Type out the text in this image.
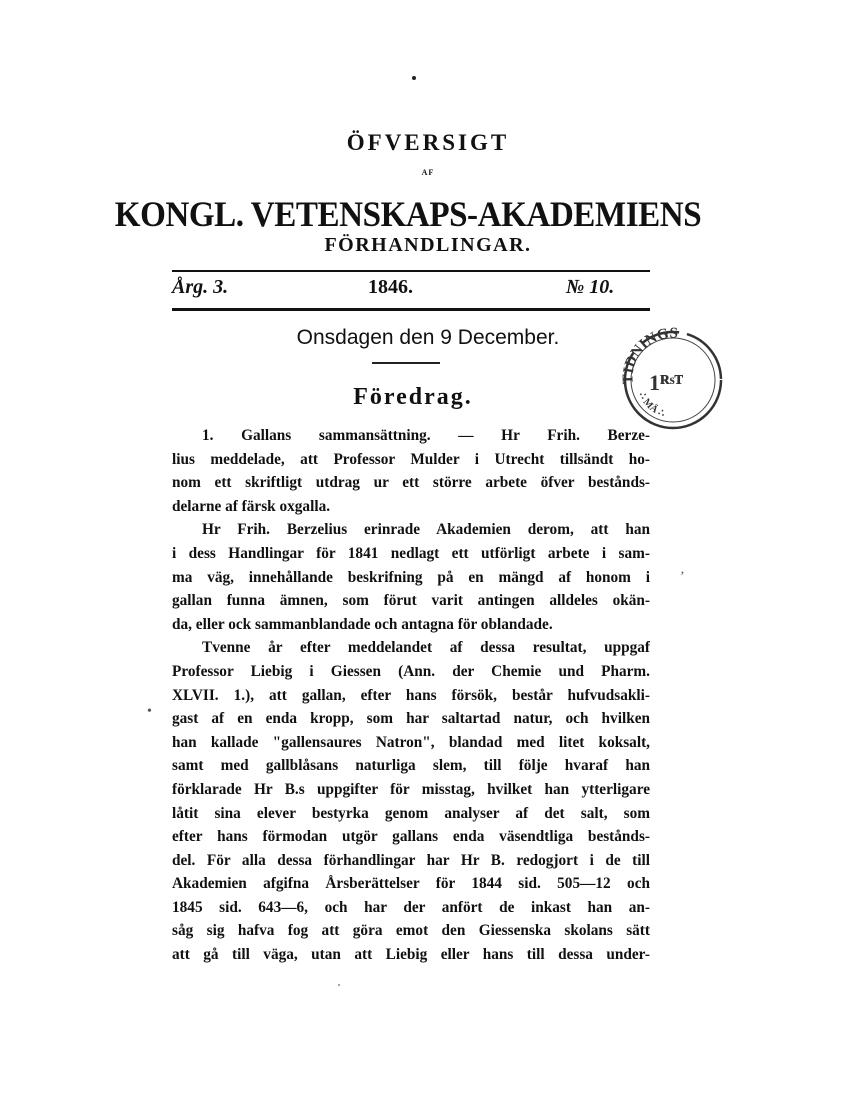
ÖFVERSIGT
AF
KONGL. VETENSKAPS-AKADEMIENS
FÖRHANDLINGAR.
Årg. 3.	1846.	№ 10.
Onsdagen den 9 December.
Föredrag.
TIDNINGS
1ᴿˢᵀ
∴ MÄ ∴
•
‚
1. Gallans sammansättning. — Hr Frih. Berze-
lius meddelade, att Professor Mulder i Utrecht tillsändt ho-
nom ett skriftligt utdrag ur ett större arbete öfver bestånds-
delarne af färsk oxgalla.
Hr Frih. Berzelius erinrade Akademien derom, att han
i dess Handlingar för 1841 nedlagt ett utförligt arbete i sam-
ma väg, innehållande beskrifning på en mängd af honom i
gallan funna ämnen, som förut varit antingen alldeles okän-
da, eller ock sammanblandade och antagna för oblandade.
Tvenne år efter meddelandet af dessa resultat, uppgaf
Professor Liebig i Giessen (Ann. der Chemie und Pharm.
XLVII. 1.), att gallan, efter hans försök, består hufvudsakli-
gast af en enda kropp, som har saltartad natur, och hvilken
han kallade "gallensaures Natron", blandad med litet koksalt,
samt med gallblåsans naturliga slem, till följe hvaraf han
förklarade Hr B.s uppgifter för misstag, hvilket han ytterligare
låtit sina elever bestyrka genom analyser af det salt, som
efter hans förmodan utgör gallans enda väsendtliga bestånds-
del. För alla dessa förhandlingar har Hr B. redogjort i de till
Akademien afgifna Årsberättelser för 1844 sid. 505—12 och
1845 sid. 643—6, och har der anfört de inkast han an-
såg sig hafva fog att göra emot den Giessenska skolans sätt
att gå till väga, utan att Liebig eller hans till dessa under-
